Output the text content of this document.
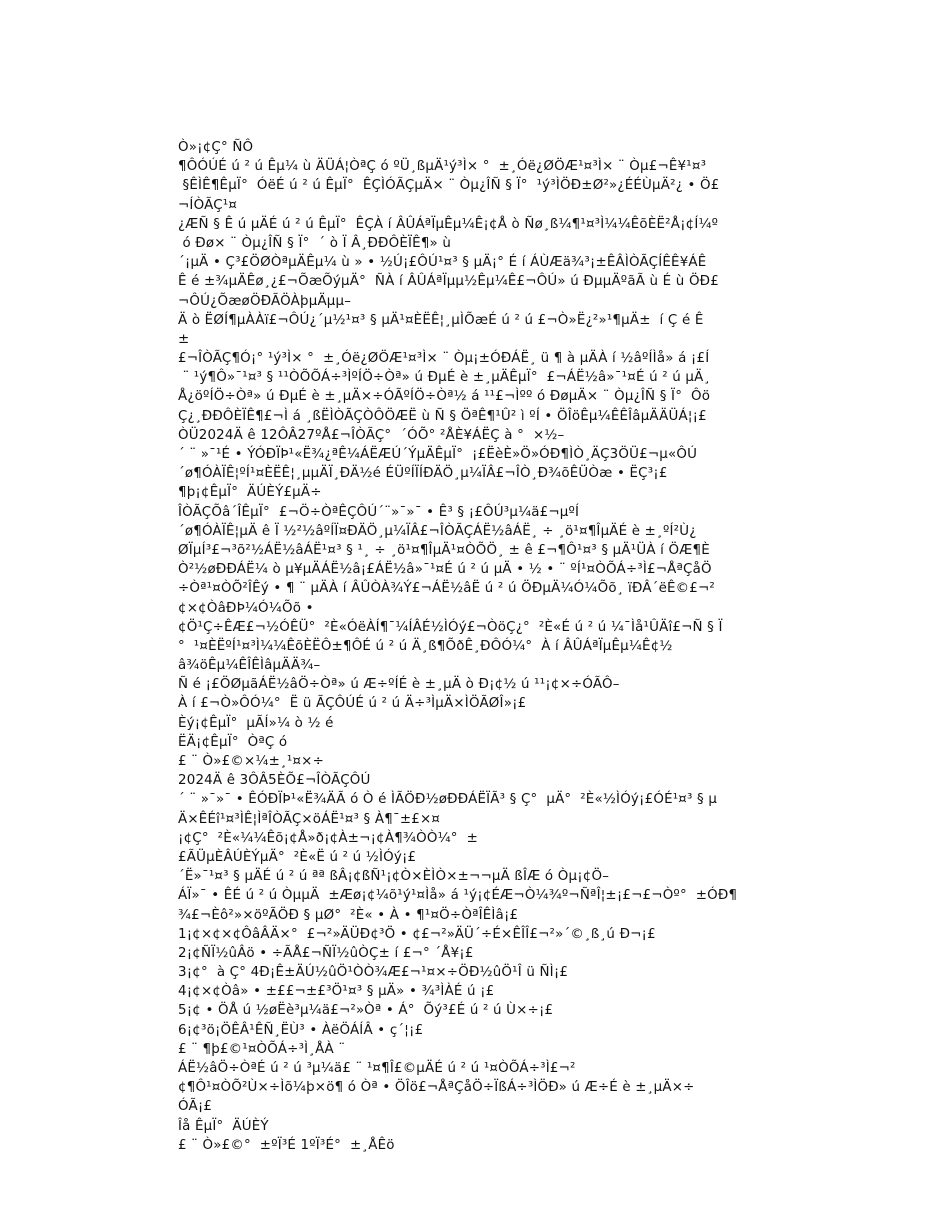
Ò»¡¢Ç° ÑÔ
¶ÔÓÚÉ ú ² ú Êµ¼ ù ÄÜÁ¦ÒªÇ ó ºÜ¸ßµÄ¹ý³Ì× °  ±¸Óë¿ØÖÆ¹¤³Ì× ¨ Òµ£¬Ê¥¹¤³
§ÊÌÊ¶ÊµÏ°  ÓëÉ ú ² ú ÊµÏ°  ÊÇÌÓÃÇµÄ× ¨ Òµ¿ÎÑ § Ï°  ¹ý³ÌÖÐ±Ø²»¿ÉÉÙµÄ²¿ • Ö£
¬ÍÒÃÇ¹¤
¿ÆÑ § Ê ú µÄÉ ú ² ú ÊµÏ°  ÊÇÀ í ÂÛÁªÏµÊµ¼Ê¡¢Å ò Ñø¸ß¼¶¹¤³Ì¼¼ÊõÈË²Å¡¢Í¼º
ó Ðø× ¨ Òµ¿ÎÑ § Ï°  ´ ò Ï Â¸ÐÐÔÈÏÊ¶» ù
´¡µÄ • Ç³£ÖØÒªµÄÊµ¼ ù » • ½Ú¡£ÔÚ¹¤³ § µÄ¡° É í ÁÙÆä¾³¡±ÊÂÌÒÃÇÍÊÊ¥ÁÊ
Ê é ±¾µÄÊø¸¿£¬ÕæÕýµÄ°  ÑÀ í ÂÛÁªÏµµ½Êµ¼Ê£¬ÔÚ» ú ÐµµÄºãÃ ù É ù ÖÐ£
¬ÔÚ¿ÕæøÖÐÃÖÀþµÄµµ–
Ä ò ËØÍ¶µÀÀï£¬ÔÚ¿´µ½¹¤³ § µÄ¹¤ÈËÊ¦¸µÌÕæÉ ú ² ú £¬Ò»Ë¿²»¹¶µÄ±  í Ç é Ê
±
£¬ÎÒÃÇ¶Ó¡° ¹ý³Ì× °  ±¸Óë¿ØÖÆ¹¤³Ì× ¨ Òµ¡±ÓÐÁË¸ ü ¶ à µÄÀ í ½âºÍÌå» á ¡£Í
¨ ¹ý¶Ô»¯¹¤³ § ¹¹ÒÕÕÁ÷³ÌºÍÖ÷Òª» ú ÐµÉ è ±¸µÄÊµÏ°  £¬ÁË½â»¯¹¤É ú ² ú µÄ¸
Å¿öºÍÖ÷Òª» ú ÐµÉ è ±¸µÄ×÷ÓÃºÍÖ÷Òª½ á ¹¹£¬Ìºº ó ÐøµÄ× ¨ Òµ¿ÎÑ § Ï°  Ôö
Ç¿¸ÐÐÔÈÏÊ¶£¬Ì á ¸ßËÌÒÃÇÒÔÖÆË ù Ñ § ÖªÊ¶¹Û² ì ºÍ • ÖÎöÊµ¼ÊÊÎâµÄÄÜÁ¦¡£
ÒÜ2024Ä ê 12ÔÂ27ºÅ£¬ÎÒÃÇ°  ´ÓÕ° ²ÅÈ¥ÁËÇ à °  ×½–
´ ¨ »¯¹É • ÝÓÐÏÞ¹«Ë¾¿ªÊ¼ÁËÆÚ´ÝµÄÊµÏ°  ¡£ËèÈ»Ö»ÓÐ¶ÌÒ¸ÄÇ3ÖÜ£¬µ«ÔÚ
´ø¶ÓÀÏÊ¦ºÍ¹¤ÈËÊ¦¸µµÄÏ¸ÐÄ½é ÉÜºÍÏÍÐÄÖ¸µ¼ÏÂ£¬ÎÒ¸Ð¾õÊÜÒæ • ËÇ³¡£
¶þ¡¢ÊµÏ°  ÄÚÈÝ£µÄ÷
ÎÒÃÇÕâ´ÎÊµÏ°  £¬Ö÷ÒªÊÇÔÚ´¨»¯»¯ • Ê³ § ¡£ÔÚ³µ¼ä£¬µºÍ
´ø¶ÓÀÏÊ¦µÄ ê Ï ½²½âºÍÏ¤ÐÄÖ¸µ¼ÏÂ£¬ÎÒÃÇÁË½âÁË¸ ÷ ¸ö¹¤¶ÎµÄÉ è ±¸ºÍ²Ù¿
ØÏµÍ³£¬³õ²½ÁË½âÁË¹¤³ § ¹¸ ÷ ¸ö¹¤¶ÎµÄ¹¤ÒÕÖ¸ ± ê £¬¶Ô¹¤³ § µÄ¹ÜÀ í ÖÆ¶È
Ò²½øÐÐÁË¼ ò µ¥µÄÁË½â¡£ÁË½â»¯¹¤É ú ² ú µÄ • ½ • ¨ ºÍ¹¤ÒÕÁ÷³Ì£¬ÅªÇåÖ
÷Òª¹¤ÒÕ²ÎÊý • ¶ ¨ µÄÀ í ÂÛÒÀ¾Ý£¬ÁË½âË ú ² ú ÖÐµÄ¼Ó¼Õõ¸ ïÐÂ´ëÊ©£¬²
¢×¢ÒâÐÞ¼Ó¼Õõ •
¢Ö¹Ç÷ÊÆ£¬½ÓÊÜ°  ²È«ÓëÀÍ¶¯¼ÍÂÉ½ÌÓý£¬ÒöÇ¿°  ²È«É ú ² ú ¼¯Ìå¹ÛÄî£¬Ñ § Ï
°  ¹¤ÈËºÍ¹¤³Ì¼¼ÊõÈËÔ±¶ÔÉ ú ² ú Ä¸ß¶ÕðÊ¸ÐÔÓ¼°  À í ÂÛÁªÏµÊµ¼Ê¢½
â¾öÊµ¼ÊÎÊÌâµÄÄ¾–
Ñ é ¡£ÖØµãÁË½âÖ÷Òª» ú Æ÷ºÍÉ è ±¸µÄ ò Ð¡¢½ ú ¹¹¡¢×÷ÓÃÔ–
À í £¬Ò»ÔÓ¼°  Ë ü ÃÇÔÚÉ ú ² ú Ä÷³ÌµÄ×ÌÖÃØÎ»¡£
Èý¡¢ÊµÏ°  µÃÍ»¼ ò ½ é
ËÄ¡¢ÊµÏ°  ÒªÇ ó
£ ¨ Ò»£©×¼±¸¹¤×÷
2024Ä ê 3ÔÂ5ÈÕ£¬ÎÒÃÇÔÚ
´ ¨ »¯»¯ • ÊÓÐÏÞ¹«Ë¾ÄÃ ó Ò é ÌÃÖÐ½øÐÐÁËÏÃ³ § Ç°  µÄ°  ²È«½ÌÓý¡£ÓÉ¹¤³ § µ
Ä×ÊÉî¹¤³ÌÊ¦ÌªÎÒÃÇ×öÁË¹¤³ § À¶¯±£×¤
¡¢Ç°  ²È«¼¼Êõ¡¢Å»ð¡¢À±¬¡¢À¶¾ÒÒ¼°  ±
£ÃÜµÈÂÚÈÝµÄ°  ²È«Ë ú ² ú ½ÌÓý¡£
´Ë»¯¹¤³ § µÄÉ ú ² ú ªª ßÂ¡¢ßÑ¹¡¢Ò×ÈÌÒ×±¬¬µÄ ßÎÆ ó Òµ¡¢Ö–
ÁÏ»¯ • ÊÉ ú ² ú ÒµµÄ  ±Æø¡¢¼õ¹ý¹¤Ìå» á ¹ý¡¢ÉÆ¬Ò¼¾º¬ÑªÎ¦±¡£¬£¬Òº°  ±ÓÐ¶
¾£¬Èô²»×öºÃÖÐ § µØ°  ²È« • À • ¶¹¤Ö÷ÒªÎÊÌâ¡£
1¡¢×¢×¢ÔâÂÄ×°  £¬²»ÄÜÐ¢³Ö • ¢£¬²»ÄÜ´÷É×ÊÎÎ£¬²»´©¸ß¸ú Ð¬¡£
2¡¢ÑÏ½ûÂö • ÷ÃÅ£¬ÑÏ½ûÒÇ± í £¬° ´Å¥¡£
3¡¢°  à Ç° 4Ð¡Ê±ÄÚ½ûÖ¹ÒÒ¾Æ£¬¹¤×÷ÖÐ½ûÖ¹Î ü ÑÌ¡£
4¡¢×¢Òâ» • ±££¬±£³Ö¹¤³ § µÄ» • ¾³ÌÀÉ ú ¡£
5¡¢ • ÖÅ ú ½øËè³µ¼ä£¬²»Òª • Á°  Õý³£É ú ² ú Ù×÷¡£
6¡¢³ö¡ÖÊÂ¹ÊÑ¸ËÙ³ • ÀëÖÁÍÂ • ç´¦¡£
£ ¨ ¶þ£©¹¤ÒÕÁ÷³Ì¸ÅÀ ¨
ÁË½âÖ÷ÒªÉ ú ² ú ³µ¼ä£ ¨ ¹¤¶Î£©µÄÉ ú ² ú ¹¤ÒÕÁ÷³Ì£¬²
¢¶Ô¹¤ÒÕ²Ù×÷Ìõ¼þ×ö¶ ó Òª • ÖÎö£¬ÅªÇåÖ÷ÏßÁ÷³ÌÖÐ» ú Æ÷É è ±¸µÄ×÷
ÓÃ¡£
Îå ÊµÏ°  ÄÚÈÝ
£ ¨ Ò»£©°  ±ºÏ³É 1ºÏ³É°  ±¸ÅÊö
